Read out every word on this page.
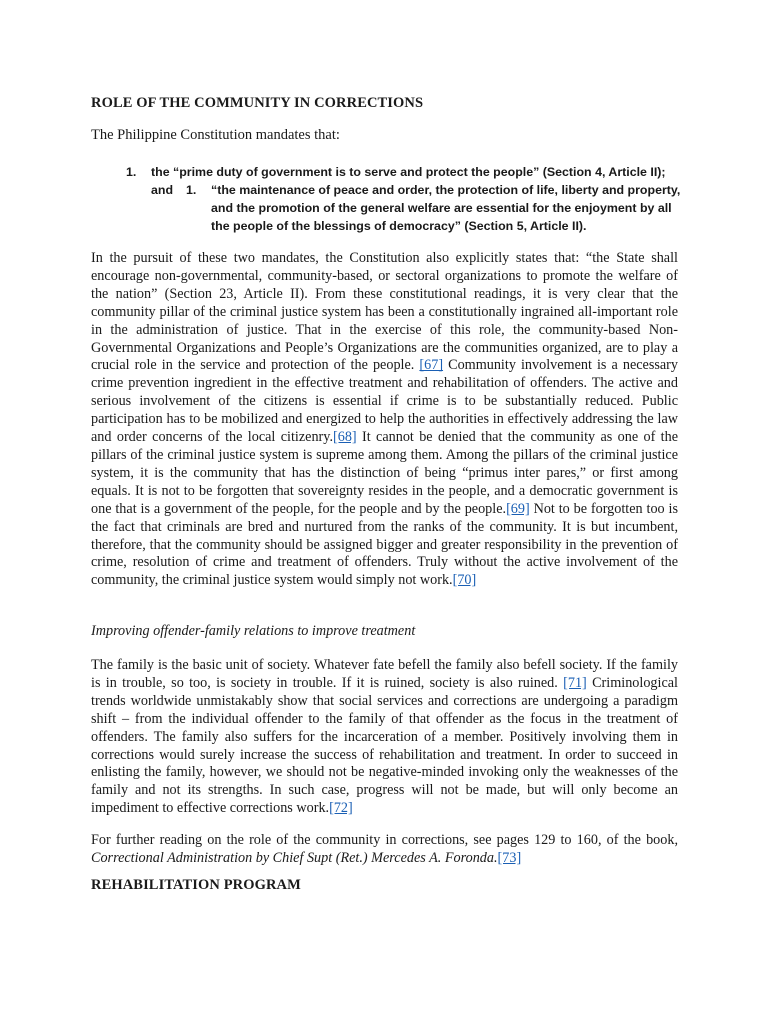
ROLE OF THE COMMUNITY IN CORRECTIONS

The Philippine Constitution mandates that:

1. the “prime duty of government is to serve and protect the people” (Section 4, Article II); and	1. “the maintenance of peace and order, the protection of life, liberty and property, and the promotion of the general welfare are essential for the enjoyment by all the people of the blessings of democracy” (Section 5, Article II).

In the pursuit of these two mandates, the Constitution also explicitly states that: “the State shall encourage non-governmental, community-based, or sectoral organizations to promote the welfare of the nation” (Section 23, Article II). From these constitutional readings, it is very clear that the community pillar of the criminal justice system has been a constitutionally ingrained all-important role in the administration of justice. That in the exercise of this role, the community-based Non-Governmental Organizations and People’s Organizations are the communities organized, are to play a crucial role in the service and protection of the people. [67] Community involvement is a necessary crime prevention ingredient in the effective treatment and rehabilitation of offenders. The active and serious involvement of the citizens is essential if crime is to be substantially reduced. Public participation has to be mobilized and energized to help the authorities in effectively addressing the law and order concerns of the local citizenry.[68] It cannot be denied that the community as one of the pillars of the criminal justice system is supreme among them. Among the pillars of the criminal justice system, it is the community that has the distinction of being “primus inter pares,” or first among equals. It is not to be forgotten that sovereignty resides in the people, and a democratic government is one that is a government of the people, for the people and by the people.[69] Not to be forgotten too is the fact that criminals are bred and nurtured from the ranks of the community. It is but incumbent, therefore, that the community should be assigned bigger and greater responsibility in the prevention of crime, resolution of crime and treatment of offenders. Truly without the active involvement of the community, the criminal justice system would simply not work.[70]

Improving offender-family relations to improve treatment

The family is the basic unit of society. Whatever fate befell the family also befell society. If the family is in trouble, so too, is society in trouble. If it is ruined, society is also ruined. [71] Criminological trends worldwide unmistakably show that social services and corrections are undergoing a paradigm shift – from the individual offender to the family of that offender as the focus in the treatment of offenders. The family also suffers for the incarceration of a member. Positively involving them in corrections would surely increase the success of rehabilitation and treatment. In order to succeed in enlisting the family, however, we should not be negative-minded invoking only the weaknesses of the family and not its strengths. In such case, progress will not be made, but will only become an impediment to effective corrections work.[72]

For further reading on the role of the community in corrections, see pages 129 to 160, of the book, Correctional Administration by Chief Supt (Ret.) Mercedes A. Foronda.[73]

REHABILITATION PROGRAM
